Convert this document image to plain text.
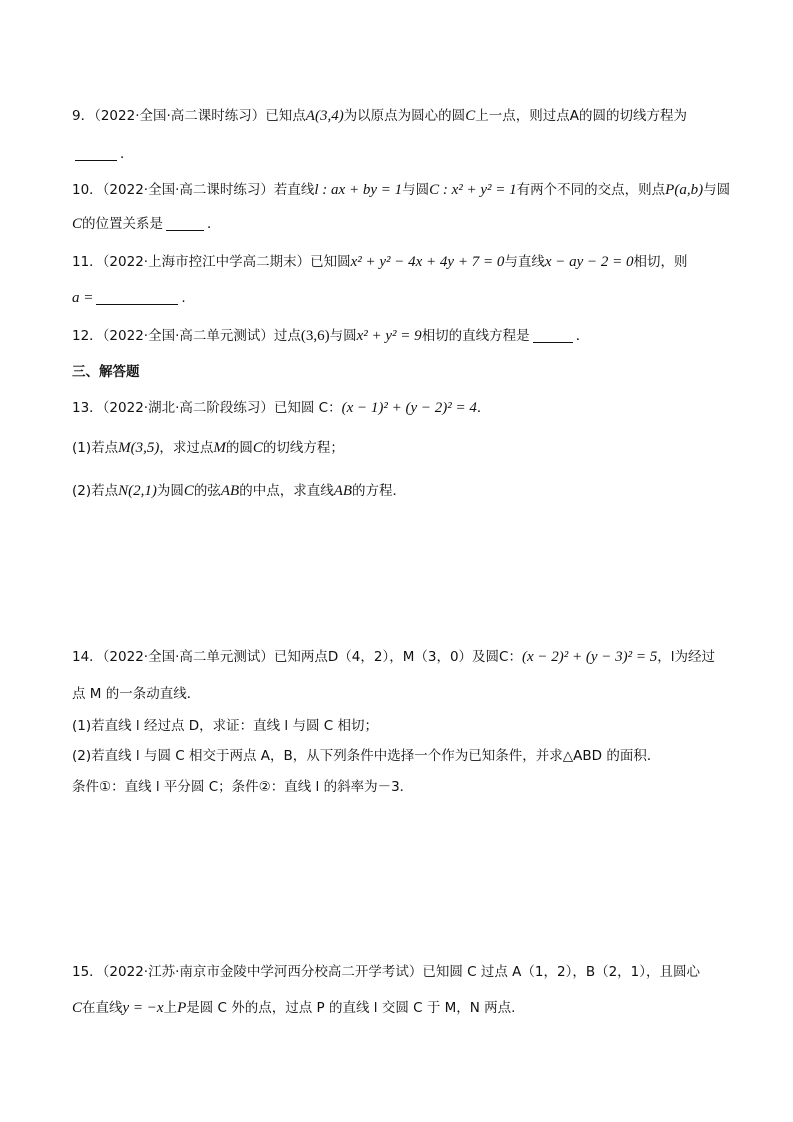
9．（2022·全国·高二课时练习）已知点A(3,4)为以原点为圆心的圆C上一点，则过点A的圆的切线方程为
．
10．（2022·全国·高二课时练习）若直线l : ax + by = 1与圆C : x² + y² = 1有两个不同的交点，则点P(a,b)与圆
C的位置关系是	．
11．（2022·上海市控江中学高二期末）已知圆x² + y² − 4x + 4y + 7 = 0与直线x − ay − 2 = 0相切，则
a =	.
12．（2022·全国·高二单元测试）过点(3,6)与圆x² + y² = 9相切的直线方程是	．
三、解答题
13．（2022·湖北·高二阶段练习）已知圆 C：(x − 1)² + (y − 2)² = 4．
(1)若点M(3,5)，求过点M的圆C的切线方程；
(2)若点N(2,1)为圆C的弦AB的中点，求直线AB的方程．
14．（2022·全国·高二单元测试）已知两点D（4，2），M（3，0）及圆C：(x − 2)² + (y − 3)² = 5，l为经过
点 M 的一条动直线．
(1)若直线 l 经过点 D，求证：直线 l 与圆 C 相切；
(2)若直线 l 与圆 C 相交于两点 A，B，从下列条件中选择一个作为已知条件，并求△ABD 的面积．
条件①：直线 l 平分圆 C；条件②：直线 l 的斜率为－3．
15．（2022·江苏·南京市金陵中学河西分校高二开学考试）已知圆 C 过点 A（1，2），B（2，1），且圆心
C在直线y = −x上P是圆 C 外的点，过点 P 的直线 l 交圆 C 于 M，N 两点.
